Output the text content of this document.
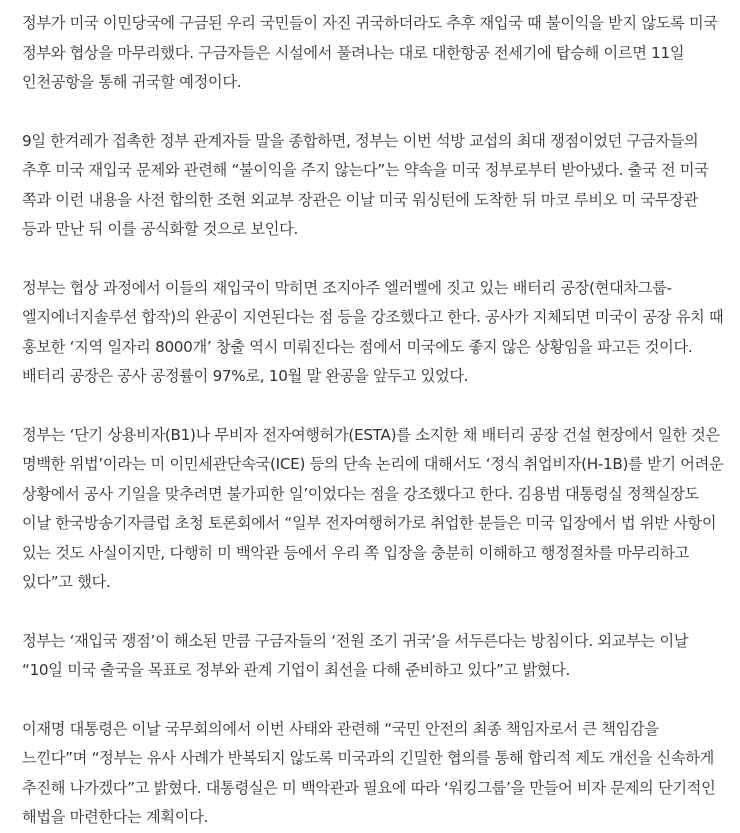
정부가 미국 이민당국에 구금된 우리 국민들이 자진 귀국하더라도 추후 재입국 때 불이익을 받지 않도록 미국 정부와 협상을 마무리했다. 구금자들은 시설에서 풀려나는 대로 대한항공 전세기에 탑승해 이르면 11일 인천공항을 통해 귀국할 예정이다.

9일 한겨레가 접촉한 정부 관계자들 말을 종합하면, 정부는 이번 석방 교섭의 최대 쟁점이었던 구금자들의 추후 미국 재입국 문제와 관련해 “불이익을 주지 않는다”는 약속을 미국 정부로부터 받아냈다. 출국 전 미국 쪽과 이런 내용을 사전 합의한 조현 외교부 장관은 이날 미국 워싱턴에 도착한 뒤 마코 루비오 미 국무장관 등과 만난 뒤 이를 공식화할 것으로 보인다.

정부는 협상 과정에서 이들의 재입국이 막히면 조지아주 엘러벨에 짓고 있는 배터리 공장(현대차그룹-엘지에너지솔루션 합작)의 완공이 지연된다는 점 등을 강조했다고 한다. 공사가 지체되면 미국이 공장 유치 때 홍보한 ‘지역 일자리 8000개’ 창출 역시 미뤄진다는 점에서 미국에도 좋지 않은 상황임을 파고든 것이다. 배터리 공장은 공사 공정률이 97%로, 10월 말 완공을 앞두고 있었다.

정부는 ‘단기 상용비자(B1)나 무비자 전자여행허가(ESTA)를 소지한 채 배터리 공장 건설 현장에서 일한 것은 명백한 위법’이라는 미 이민세관단속국(ICE) 등의 단속 논리에 대해서도 ‘정식 취업비자(H-1B)를 받기 어려운 상황에서 공사 기일을 맞추려면 불가피한 일’이었다는 점을 강조했다고 한다. 김용범 대통령실 정책실장도 이날 한국방송기자클럽 초청 토론회에서 “일부 전자여행허가로 취업한 분들은 미국 입장에서 법 위반 사항이 있는 것도 사실이지만, 다행히 미 백악관 등에서 우리 쪽 입장을 충분히 이해하고 행정절차를 마무리하고 있다”고 했다.

정부는 ‘재입국 쟁점’이 해소된 만큼 구금자들의 ‘전원 조기 귀국’을 서두른다는 방침이다. 외교부는 이날 “10일 미국 출국을 목표로 정부와 관계 기업이 최선을 다해 준비하고 있다”고 밝혔다.

이재명 대통령은 이날 국무회의에서 이번 사태와 관련해 “국민 안전의 최종 책임자로서 큰 책임감을 느낀다”며 “정부는 유사 사례가 반복되지 않도록 미국과의 긴밀한 협의를 통해 합리적 제도 개선을 신속하게 추진해 나가겠다”고 밝혔다. 대통령실은 미 백악관과 필요에 따라 ‘워킹그룹’을 만들어 비자 문제의 단기적인 해법을 마련한다는 계획이다.
